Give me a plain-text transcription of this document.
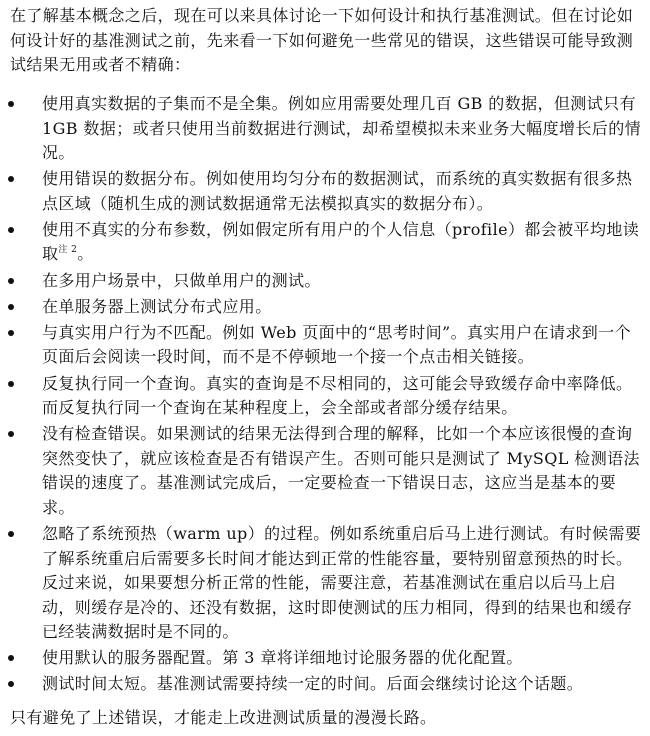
在了解基本概念之后，现在可以来具体讨论一下如何设计和执行基准测试。但在讨论如何设计好的基准测试之前，先来看一下如何避免一些常见的错误，这些错误可能导致测试结果无用或者不精确：

使用真实数据的子集而不是全集。例如应用需要处理几百 GB 的数据，但测试只有 1GB 数据；或者只使用当前数据进行测试，却希望模拟未来业务大幅度增长后的情况。
使用错误的数据分布。例如使用均匀分布的数据测试，而系统的真实数据有很多热点区域（随机生成的测试数据通常无法模拟真实的数据分布）。
使用不真实的分布参数，例如假定所有用户的个人信息（profile）都会被平均地读取$^{注 2}$。
在多用户场景中，只做单用户的测试。
在单服务器上测试分布式应用。
与真实用户行为不匹配。例如 Web 页面中的“思考时间”。真实用户在请求到一个页面后会阅读一段时间，而不是不停顿地一个接一个点击相关链接。
反复执行同一个查询。真实的查询是不尽相同的，这可能会导致缓存命中率降低。而反复执行同一个查询在某种程度上，会全部或者部分缓存结果。
没有检查错误。如果测试的结果无法得到合理的解释，比如一个本应该很慢的查询突然变快了，就应该检查是否有错误产生。否则可能只是测试了 MySQL 检测语法错误的速度了。基准测试完成后，一定要检查一下错误日志，这应当是基本的要求。
忽略了系统预热（warm up）的过程。例如系统重启后马上进行测试。有时候需要了解系统重启后需要多长时间才能达到正常的性能容量，要特别留意预热的时长。反过来说，如果要想分析正常的性能，需要注意，若基准测试在重启以后马上启动，则缓存是冷的、还没有数据，这时即使测试的压力相同，得到的结果也和缓存已经装满数据时是不同的。
使用默认的服务器配置。第 3 章将详细地讨论服务器的优化配置。
测试时间太短。基准测试需要持续一定的时间。后面会继续讨论这个话题。

只有避免了上述错误，才能走上改进测试质量的漫漫长路。
